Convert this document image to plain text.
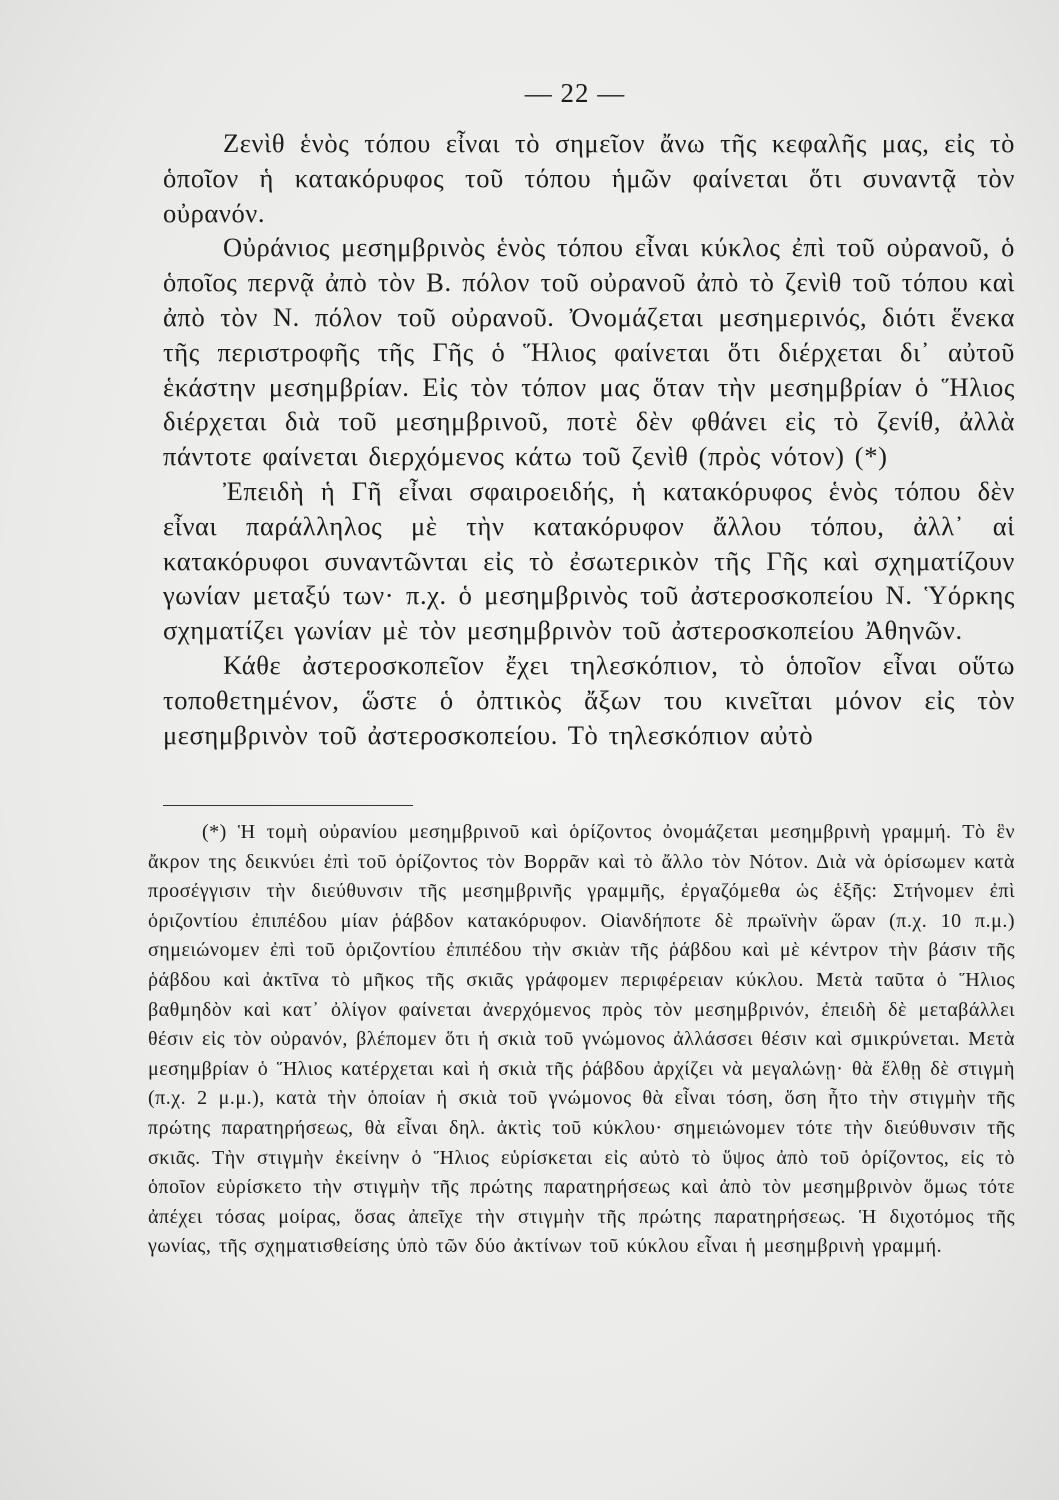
— 22 —

Ζενὶθ ἑνὸς τόπου εἶναι τὸ σημεῖον ἄνω τῆς κεφαλῆς μας, εἰς τὸ ὁποῖον ἡ κατακόρυφος τοῦ τόπου ἡμῶν φαίνεται ὅτι συναντᾷ τὸν οὐρανόν.

Οὐράνιος μεσημβρινὸς ἑνὸς τόπου εἶναι κύκλος ἐπὶ τοῦ οὐρανοῦ, ὁ ὁποῖος περνᾷ ἀπὸ τὸν Β. πόλον τοῦ οὐρανοῦ ἀπὸ τὸ ζενὶθ τοῦ τόπου καὶ ἀπὸ τὸν Ν. πόλον τοῦ οὐρανοῦ. Ὀνομάζεται μεσημερινός, διότι ἕνεκα τῆς περιστροφῆς τῆς Γῆς ὁ Ἥλιος φαίνεται ὅτι διέρχεται δι᾽ αὐτοῦ ἑκάστην μεσημβρίαν. Εἰς τὸν τόπον μας ὅταν τὴν μεσημβρίαν ὁ Ἥλιος διέρχεται διὰ τοῦ μεσημβρινοῦ, ποτὲ δὲν φθάνει εἰς τὸ ζενίθ, ἀλλὰ πάντοτε φαίνεται διερχόμενος κάτω τοῦ ζενὶθ (πρὸς νότον) (*)

Ἐπειδὴ ἡ Γῆ εἶναι σφαιροειδής, ἡ κατακόρυφος ἑνὸς τόπου δὲν εἶναι παράλληλος μὲ τὴν κατακόρυφον ἄλλου τόπου, ἀλλ᾽ αἱ κατακόρυφοι συναντῶνται εἰς τὸ ἐσωτερικὸν τῆς Γῆς καὶ σχηματίζουν γωνίαν μεταξύ των· π.χ. ὁ μεσημβρινὸς τοῦ ἀστεροσκοπείου Ν. Ὑόρκης σχηματίζει γωνίαν μὲ τὸν μεσημβρινὸν τοῦ ἀστεροσκοπείου Ἀθηνῶν.

Κάθε ἀστεροσκοπεῖον ἔχει τηλεσκόπιον, τὸ ὁποῖον εἶναι οὕτω τοποθετημένον, ὥστε ὁ ὀπτικὸς ἄξων του κινεῖται μόνον εἰς τὸν μεσημβρινὸν τοῦ ἀστεροσκοπείου. Τὸ τηλεσκόπιον αὐτὸ

(*) Ἡ τομὴ οὐρανίου μεσημβρινοῦ καὶ ὁρίζοντος ὀνομάζεται μεσημβρινὴ γραμμή. Τὸ ἓν ἄκρον της δεικνύει ἐπὶ τοῦ ὁρίζοντος τὸν Βορρᾶν καὶ τὸ ἄλλο τὸν Νότον. Διὰ νὰ ὁρίσωμεν κατὰ προσέγγισιν τὴν διεύθυνσιν τῆς μεσημβρινῆς γραμμῆς, ἐργαζόμεθα ὡς ἑξῆς: Στήνομεν ἐπὶ ὁριζοντίου ἐπιπέδου μίαν ῥάβδον κατακόρυφον. Οἱανδήποτε δὲ πρωϊνὴν ὥραν (π.χ. 10 π.μ.) σημειώνομεν ἐπὶ τοῦ ὁριζοντίου ἐπιπέδου τὴν σκιὰν τῆς ῥάβδου καὶ μὲ κέντρον τὴν βάσιν τῆς ῥάβδου καὶ ἀκτῖνα τὸ μῆκος τῆς σκιᾶς γράφομεν περιφέρειαν κύκλου. Μετὰ ταῦτα ὁ Ἥλιος βαθμηδὸν καὶ κατ᾽ ὀλίγον φαίνεται ἀνερχόμενος πρὸς τὸν μεσημβρινόν, ἐπειδὴ δὲ μεταβάλλει θέσιν εἰς τὸν οὐρανόν, βλέπομεν ὅτι ἡ σκιὰ τοῦ γνώμονος ἀλλάσσει θέσιν καὶ σμικρύνεται. Μετὰ μεσημβρίαν ὁ Ἥλιος κατέρχεται καὶ ἡ σκιὰ τῆς ῥάβδου ἀρχίζει νὰ μεγαλώνῃ· θὰ ἔλθῃ δὲ στιγμὴ (π.χ. 2 μ.μ.), κατὰ τὴν ὁποίαν ἡ σκιὰ τοῦ γνώμονος θὰ εἶναι τόση, ὅση ἦτο τὴν στιγμὴν τῆς πρώτης παρατηρήσεως, θὰ εἶναι δηλ. ἀκτὶς τοῦ κύκλου· σημειώνομεν τότε τὴν διεύθυνσιν τῆς σκιᾶς. Τὴν στιγμὴν ἐκείνην ὁ Ἥλιος εὑρίσκεται εἰς αὐτὸ τὸ ὕψος ἀπὸ τοῦ ὁρίζοντος, εἰς τὸ ὁποῖον εὑρίσκετο τὴν στιγμὴν τῆς πρώτης παρατηρήσεως καὶ ἀπὸ τὸν μεσημβρινὸν ὅμως τότε ἀπέχει τόσας μοίρας, ὅσας ἀπεῖχε τὴν στιγμὴν τῆς πρώτης παρατηρήσεως. Ἡ διχοτόμος τῆς γωνίας, τῆς σχηματισθείσης ὑπὸ τῶν δύο ἀκτίνων τοῦ κύκλου εἶναι ἡ μεσημβρινὴ γραμμή.
